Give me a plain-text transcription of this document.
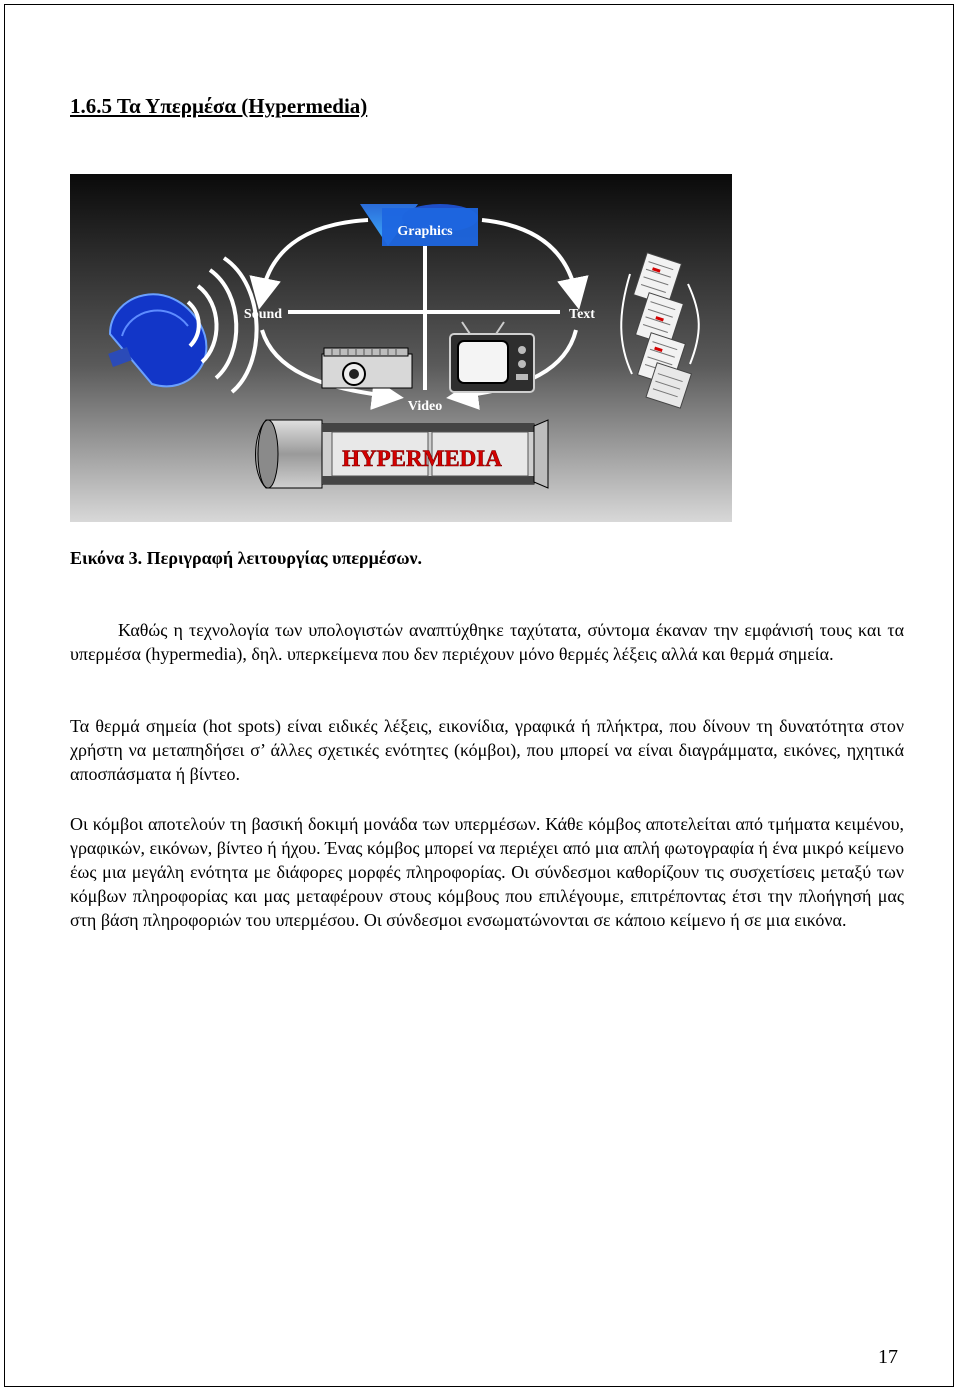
1.6.5 Τα Υπερμέσα (Hypermedia)
Graphics
Sound	Text
Video
HYPERMEDIA

Εικόνα 3. Περιγραφή λειτουργίας υπερμέσων.

Καθώς η τεχνολογία των υπολογιστών αναπτύχθηκε ταχύτατα, σύντομα έκαναν την εμφάνισή τους και τα υπερμέσα (hypermedia), δηλ. υπερκείμενα που δεν περιέχουν μόνο θερμές λέξεις αλλά και θερμά σημεία.

Τα θερμά σημεία (hot spots) είναι ειδικές λέξεις, εικονίδια, γραφικά ή πλήκτρα, που δίνουν τη δυνατότητα στον χρήστη να μεταπηδήσει σ’ άλλες σχετικές ενότητες (κόμβοι), που μπορεί να είναι διαγράμματα, εικόνες, ηχητικά αποσπάσματα ή βίντεο.

Οι κόμβοι αποτελούν τη βασική δοκιμή μονάδα των υπερμέσων. Κάθε κόμβος αποτελείται από τμήματα κειμένου, γραφικών, εικόνων, βίντεο ή ήχου. Ένας κόμβος μπορεί να περιέχει από μια απλή φωτογραφία ή ένα μικρό κείμενο έως μια μεγάλη ενότητα με διάφορες μορφές πληροφορίας. Οι σύνδεσμοι καθορίζουν τις συσχετίσεις μεταξύ των κόμβων πληροφορίας και μας μεταφέρουν στους κόμβους που επιλέγουμε, επιτρέποντας έτσι την πλοήγησή μας στη βάση πληροφοριών του υπερμέσου. Οι σύνδεσμοι ενσωματώνονται σε κάποιο κείμενο ή σε μια εικόνα.

17
